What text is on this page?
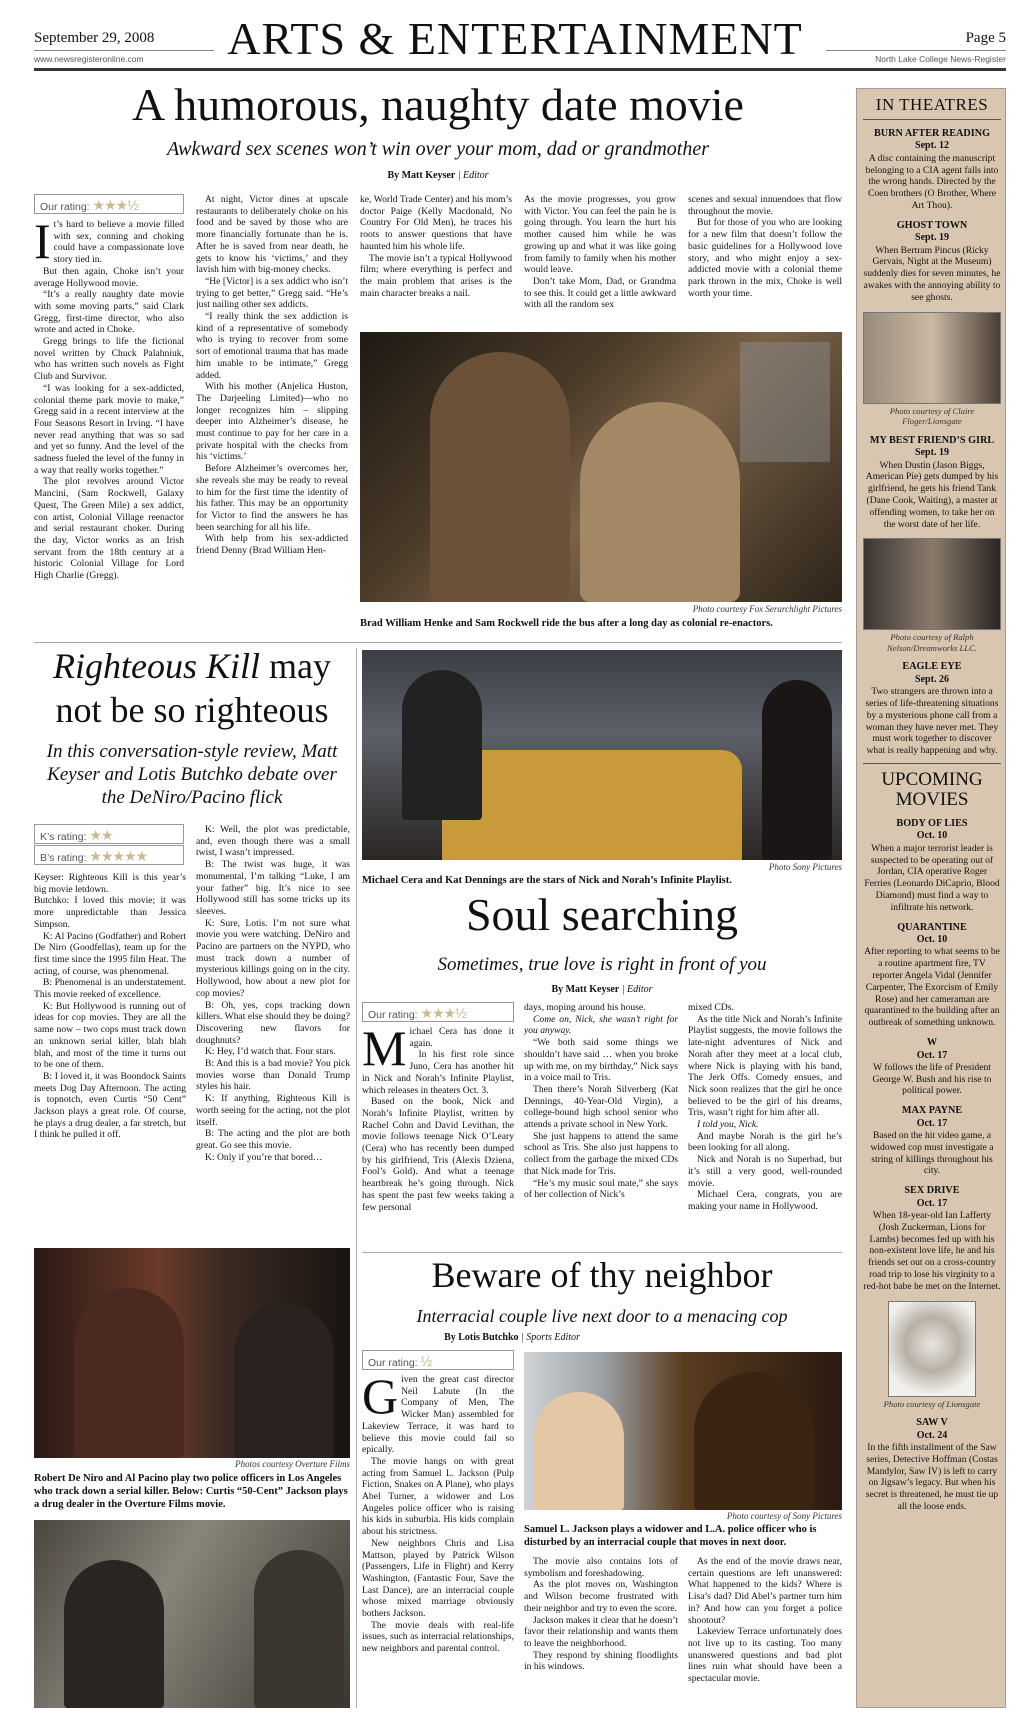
September 29, 2008
www.newsregisteronline.com ARTS & ENTERTAINMENT	Page 5
North Lake College News-Register
A humorous, naughty date movie
Awkward sex scenes won’t win over your mom, dad or grandmother
By Matt Keyser | Editor
Our rating: ★★★½
I t’s hard to believe a movie filled with sex, conning and choking could have a compassionate love story tied in.

But then again, Choke isn’t your average Hollywood movie.

“It’s a really naughty date movie with some moving parts,” said Clark Gregg, first-time director, who also wrote and acted in Choke.

Gregg brings to life the fictional novel written by Chuck Palahniuk, who has written such novels as Fight Club and Survivor.

“I was looking for a sex-addicted, colonial theme park movie to make,” Gregg said in a recent interview at the Four Seasons Resort in Irving. “I have never read anything that was so sad and yet so funny. And the level of the sadness fueled the level of the funny in a way that really works together.”

The plot revolves around Victor Mancini, (Sam Rockwell, Galaxy Quest, The Green Mile) a sex addict, con artist, Colonial Village reenactor and serial restaurant choker. During the day, Victor works as an Irish servant from the 18th century at a historic Colonial Village for Lord High Charlie (Gregg).

At night, Victor dines at upscale restaurants to deliberately choke on his food and be saved by those who are more financially fortunate than he is. After he is saved from near death, he gets to know his ‘victims,’ and they lavish him with big-money checks.

“He [Victor] is a sex addict who isn’t trying to get better,” Gregg said. “He’s just nailing other sex addicts.

“I really think the sex addiction is kind of a representative of somebody who is trying to recover from some sort of emotional trauma that has made him unable to be intimate,” Gregg added.

With his mother (Anjelica Huston, The Darjeeling Limited)—who no longer recognizes him – slipping deeper into Alzheimer’s disease, he must continue to pay for her care in a private hospital with the checks from his ‘victims.’

Before Alzheimer’s overcomes her, she reveals she may be ready to reveal to him for the first time the identity of his father. This may be an opportunity for Victor to find the answers he has been searching for all his life.

With help from his sex-addicted friend Denny (Brad William Hen-

ke, World Trade Center) and his mom’s doctor Paige (Kelly Macdonald, No Country For Old Men), he traces his roots to answer questions that have haunted him his whole life.

The movie isn’t a typical Hollywood film; where everything is perfect and the main problem that arises is the main character breaks a nail.

As the movie progresses, you grow with Victor. You can feel the pain he is going through. You learn the hurt his mother caused him while he was growing up and what it was like going from family to family when his mother would leave.

Don’t take Mom, Dad, or Grandma to see this. It could get a little awkward with all the random sex

scenes and sexual innuendoes that flow throughout the movie.

But for those of you who are looking for a new film that doesn’t follow the basic guidelines for a Hollywood love story, and who might enjoy a sex-addicted movie with a colonial theme park thrown in the mix, Choke is well worth your time.

Photo courtesy Fox Serarchlight Pictures
Brad William Henke and Sam Rockwell ride the bus after a long day as colonial re-enactors.
Righteous Kill may
not be so righteous
In this conversation-style review, Matt Keyser and Lotis Butchko debate over the DeNiro/Pacino flick
K’s rating: ★★
B’s rating: ★★★★★

Keyser: Righteous Kill is this year’s big movie letdown.

Butchko: I loved this movie; it was more unpredictable than Jessica Simpson.

K: Al Pacino (Godfather) and Robert De Niro (Goodfellas), team up for the first time since the 1995 film Heat. The acting, of course, was phenomenal.

B: Phenomenal is an understatement. This movie reeked of excellence.

K: But Hollywood is running out of ideas for cop movies. They are all the same now – two cops must track down an unknown serial killer, blah blah blah, and most of the time it turns out to be one of them.

B: I loved it, it was Boondock Saints meets Dog Day Afternoon. The acting is topnotch, even Curtis “50 Cent” Jackson plays a great role. Of course, he plays a drug dealer, a far stretch, but I think he pulled it off.

K: Well, the plot was predictable, and, even though there was a small twist, I wasn’t impressed.

B: The twist was huge, it was monumental, I’m talking “Luke, I am your father” big. It’s nice to see Hollywood still has some tricks up its sleeves.

K: Sure, Lotis. I’m not sure what movie you were watching. DeNiro and Pacino are partners on the NYPD, who must track down a number of mysterious killings going on in the city. Hollywood, how about a new plot for cop movies?

B: Oh, yes, cops tracking down killers. What else should they be doing? Discovering new flavors for doughnuts?

K: Hey, I’d watch that. Four stars.

B: And this is a bad movie? You pick movies worse than Donald Trump styles his hair.

K: If anything, Righteous Kill is worth seeing for the acting, not the plot itself.

B: The acting and the plot are both great. Go see this movie.

K: Only if you’re that bored…

Photos courtesy Overture Films
Robert De Niro and Al Pacino play two police officers in Los Angeles who track down a serial killer. Below: Curtis “50-Cent” Jackson plays a drug dealer in the Overture Films movie.
Photo Sony Pictures
Michael Cera and Kat Dennings are the stars of Nick and Norah’s Infinite Playlist.
Soul searching
Sometimes, true love is right in front of you
By Matt Keyser | Editor
Our rating: ★★★½
M ichael Cera has done it again.

In his first role since Juno, Cera has another hit in Nick and Norah’s Infinite Playlist, which releases in theaters Oct. 3.

Based on the book, Nick and Norah’s Infinite Playlist, written by Rachel Cohn and David Levithan, the movie follows teenage Nick O’Leary (Cera) who has recently been dumped by his girlfriend, Tris (Alexis Dziena, Fool’s Gold). And what a teenage heartbreak he’s going through. Nick has spent the past few weeks taking a few personal

days, moping around his house.

Come on, Nick, she wasn’t right for you anyway.

“We both said some things we shouldn’t have said … when you broke up with me, on my birthday,” Nick says in a voice mail to Tris.

Then there’s Norah Silverberg (Kat Dennings, 40-Year-Old Virgin), a college-bound high school senior who attends a private school in New York.

She just happens to attend the same school as Tris. She also just happens to collect from the garbage the mixed CDs that Nick made for Tris.

“He’s my music soul mate,” she says of her collection of Nick’s

mixed CDs.

As the title Nick and Norah’s Infinite Playlist suggests, the movie follows the late-night adventures of Nick and Norah after they meet at a local club, where Nick is playing with his band, The Jerk Offs. Comedy ensues, and Nick soon realizes that the girl he once believed to be the girl of his dreams, Tris, wasn’t right for him after all.

I told you, Nick.

And maybe Norah is the girl he’s been looking for all along.

Nick and Norah is no Superbad, but it’s still a very good, well-rounded movie.

Michael Cera, congrats, you are making your name in Hollywood.

Beware of thy neighbor
Interracial couple live next door to a menacing cop
By Lotis Butchko | Sports Editor
Our rating: ½
G iven the great cast director Neil Labute (In the Company of Men, The Wicker Man) assembled for Lakeview Terrace, it was hard to believe this movie could fail so epically.

The movie hangs on with great acting from Samuel L. Jackson (Pulp Fiction, Snakes on A Plane), who plays Abel Turner, a widower and Los Angeles police officer who is raising his kids in suburbia. His kids complain about his strictness.

New neighbors Chris and Lisa Mattson, played by Patrick Wilson (Passengers, Life in Flight) and Kerry Washington, (Fantastic Four, Save the Last Dance), are an interracial couple whose mixed marriage obviously bothers Jackson.

The movie deals with real-life issues, such as interracial relationships, new neighbors and parental control.

Photo courtesy of Sony Pictures
Samuel L. Jackson plays a widower and L.A. police officer who is disturbed by an interracial couple that moves in next door.

The movie also contains lots of symbolism and foreshadowing.

As the plot moves on, Washington and Wilson become frustrated with their neighbor and try to even the score.

Jackson makes it clear that he doesn’t favor their relationship and wants them to leave the neighborhood.

They respond by shining floodlights in his windows.

As the end of the movie draws near, certain questions are left unanswered: What happened to the kids? Where is Lisa’s dad? Did Abel’s partner turn him in? And how can you forget a police shootout?

Lakeview Terrace unfortunately does not live up to its casting. Too many unanswered questions and bad plot lines ruin what should have been a spectacular movie.

IN THEATRES
BURN AFTER READING
Sept. 12
A disc containing the manuscript belonging to a CIA agent falls into the wrong hands. Directed by the Coen brothers (O Brother, Where Art Thou).
GHOST TOWN
Sept. 19
When Bertram Pincus (Ricky Gervais, Night at the Museum) suddenly dies for seven minutes, he awakes with the annoying ability to see ghosts.
Photo courtesy of Claire Floger/Lionsgate
MY BEST FRIEND’S GIRL
Sept. 19
When Dustin (Jason Biggs, American Pie) gets dumped by his girlfriend, he gets his friend Tank (Dane Cook, Waiting), a master at offending women, to take her on the worst date of her life.
Photo courtesy of Ralph Nelson/Dreamworks LLC.
EAGLE EYE
Sept. 26
Two strangers are thrown into a series of life-threatening situations by a mysterious phone call from a woman they have never met. They must work together to discover what is really happening and why.
UPCOMING MOVIES
BODY OF LIES
Oct. 10
When a major terrorist leader is suspected to be operating out of Jordan, CIA operative Roger Ferries (Leonardo DiCaprio, Blood Diamond) must find a way to infiltrate his network.
QUARANTINE
Oct. 10
After reporting to what seems to be a routine apartment fire, TV reporter Angela Vidal (Jennifer Carpenter, The Exorcism of Emily Rose) and her cameraman are quarantined to the building after an outbreak of something unknown.
W
Oct. 17
W follows the life of President George W. Bush and his rise to political power.
MAX PAYNE
Oct. 17
Based on the hit video game, a widowed cop must investigate a string of killings throughout his city.
SEX DRIVE
Oct. 17
When 18-year-old Ian Lafferty (Josh Zuckerman, Lions for Lambs) becomes fed up with his non-existent love life, he and his friends set out on a cross-country road trip to lose his virginity to a red-hot babe he met on the Internet.
Photo courtesy of Lionsgate
SAW V
Oct. 24
In the fifth installment of the Saw series, Detective Hoffman (Costas Mandylor, Saw IV) is left to carry on Jigsaw’s legacy. But when his secret is threatened, he must tie up all the loose ends.
